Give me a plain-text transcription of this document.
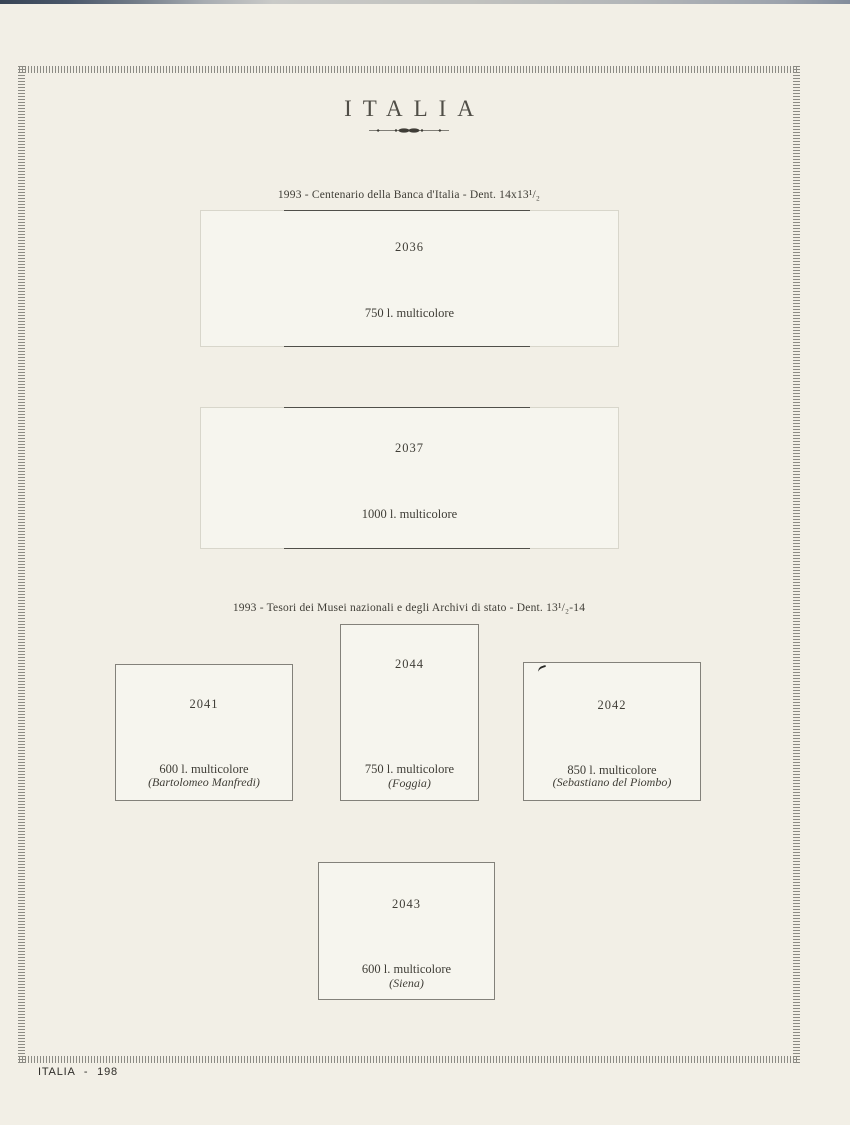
ITALIA
1993 - Centenario della Banca d'Italia - Dent. 14x13¹/₂
2036
750 l. multicolore
2037
1000 l. multicolore
1993 - Tesori dei Musei nazionali e degli Archivi di stato - Dent. 13¹/₂-14
2041
600 l. multicolore
(Bartolomeo Manfredi)
2044
750 l. multicolore
(Foggia)
2042
850 l. multicolore
(Sebastiano del Piombo)
2043
600 l. multicolore
(Siena)
ITALIA - 198
